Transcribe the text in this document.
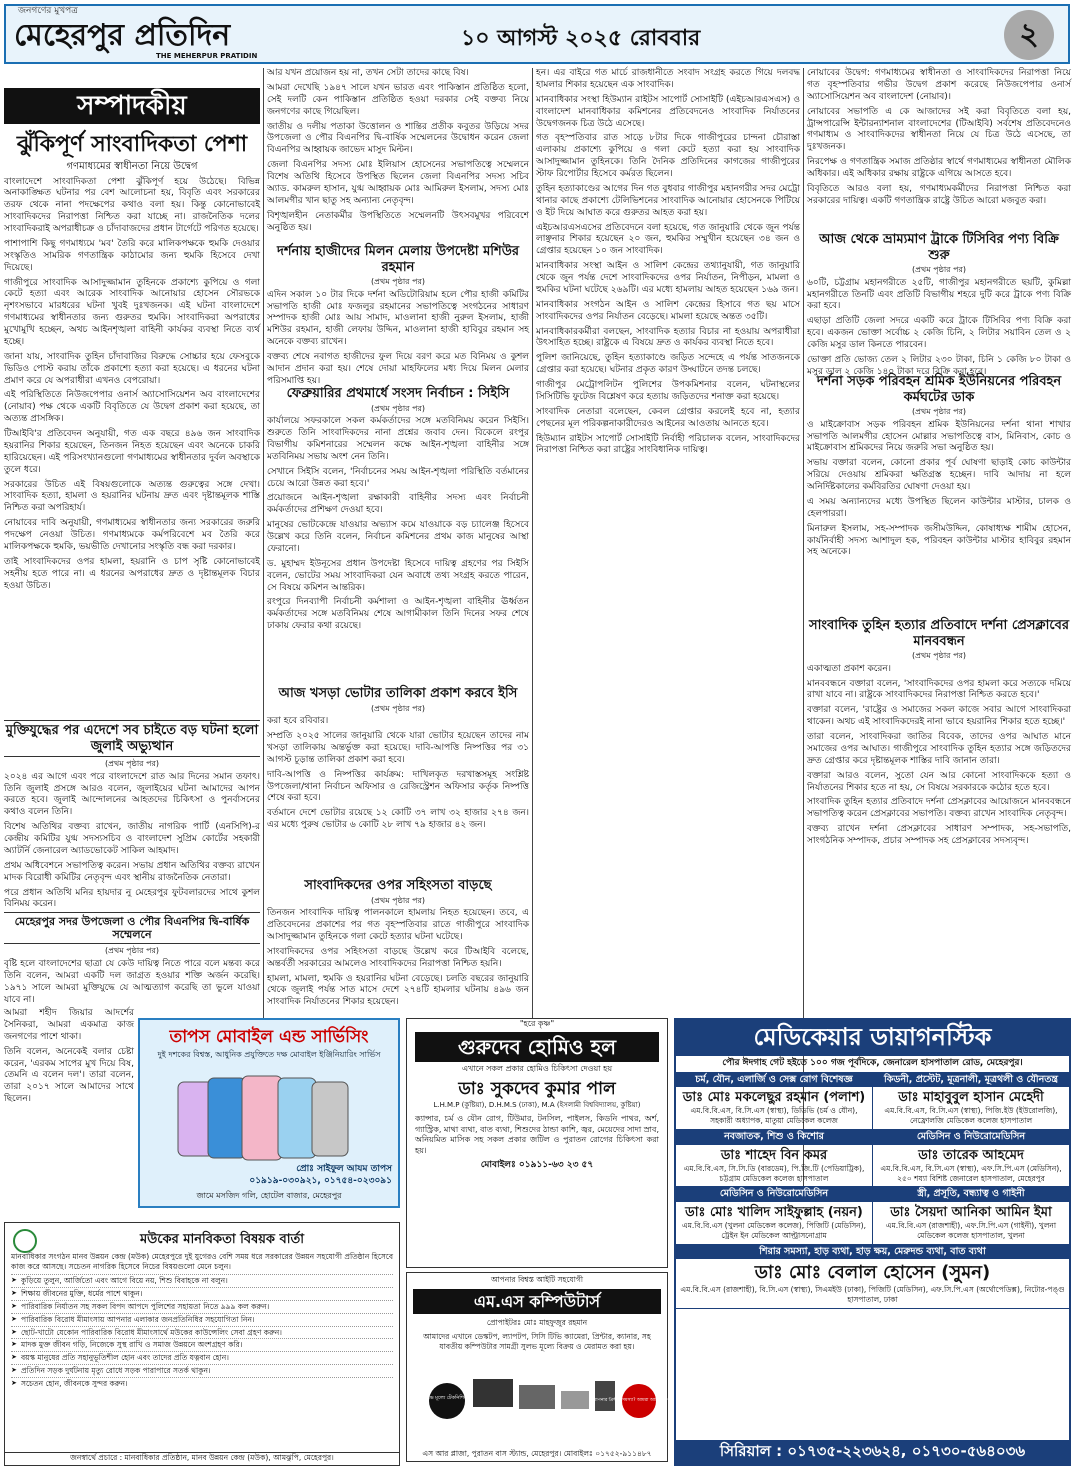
জনগণের মুখপত্র
মেহেরপুর প্রতিদিন
THE MEHERPUR PRATIDIN
১০ আগস্ট ২০২৫ রোববার	২
সম্পাদকীয়
ঝুঁকিপূর্ণ সাংবাদিকতা পেশা
গণমাধ্যমের স্বাধীনতা নিয়ে উদ্বেগ

বাংলাদেশে সাংবাদিকতা পেশা ঝুঁকিপূর্ণ হয়ে উঠেছে। বিভিন্ন অনাকাঙ্ক্ষিত ঘটনার পর বেশ আলোচনা হয়, বিবৃতি এবং সরকারের তরফ থেকে নানা পদক্ষেপের কথাও বলা হয়। কিন্তু কোনোভাবেই সাংবাদিকদের নিরাপত্তা নিশ্চিত করা যাচ্ছে না। রাজনৈতিক দলের সাংবাদিকরাই অপরাধীচক্র ও চাঁদাবাজদের প্রধান টার্গেটে পরিণত হয়েছে।

পাশাপাশি কিছু গণমাধ্যমে 'মব' তৈরি করে মালিকপক্ষকে হুমকি দেওয়ার সংস্কৃতিও সামরিক গণতান্ত্রিক কাঠামোর জন্য হুমকি হিসেবে দেখা দিয়েছে।

গাজীপুরে সাংবাদিক আসাদুজ্জামান তুহিনকে প্রকাশ্যে কুপিয়ে ও গলা কেটে হত্যা এবং আরেক সাংবাদিক আনোয়ার হোসেন সৌরভকে নৃশংসভাবে মারধরের ঘটনা খুবই দুঃখজনক। এই ঘটনা বাংলাদেশে গণমাধ্যমের স্বাধীনতার জন্য গুরুতর হুমকি। সাংবাদিকরা অপরাধের মুখোমুখি হচ্ছেন, অথচ আইনশৃঙ্খলা বাহিনী কার্যকর ব্যবস্থা নিতে ব্যর্থ হচ্ছে।

জানা যায়, সাংবাদিক তুহিন চাঁদাবাজির বিরুদ্ধে সোচ্চার হয়ে ফেসবুকে ভিডিও পোস্ট করায় তাঁকে প্রকাশ্যে হত্যা করা হয়েছে। এ ধরনের ঘটনা প্রমাণ করে যে অপরাধীরা এখনও বেপরোয়া।

এই পরিস্থিতিতে নিউজপেপার ওনার্স অ্যাসোসিয়েশন অব বাংলাদেশের (নোয়াব) পক্ষ থেকে একটি বিবৃতিতে যে উদ্বেগ প্রকাশ করা হয়েছে, তা অত্যন্ত প্রাসঙ্গিক।

টিআইবি'র প্রতিবেদন অনুযায়ী, গত এক বছরে ৪৯৬ জন সাংবাদিক হয়রানির শিকার হয়েছেন, তিনজন নিহত হয়েছেন এবং অনেকে চাকরি হারিয়েছেন। এই পরিসংখ্যানগুলো গণমাধ্যমের স্বাধীনতার দুর্বল অবস্থাকে তুলে ধরে।

সরকারের উচিত এই বিষয়গুলোকে অত্যন্ত গুরুত্বের সঙ্গে দেখা। সাংবাদিক হত্যা, হামলা ও হয়রানির ঘটনায় দ্রুত এবং দৃষ্টান্তমূলক শাস্তি নিশ্চিত করা অপরিহার্য।

নোয়াবের দাবি অনুযায়ী, গণমাধ্যমের স্বাধীনতার জন্য সরকারের জরুরি পদক্ষেপ নেওয়া উচিত। গণমাধ্যমকে কর্মপরিবেশে মব তৈরি করে মালিকপক্ষকে হুমকি, ভয়ভীতি দেখানোর সংস্কৃতি বন্ধ করা দরকার।

তাই সাংবাদিকদের ওপর হামলা, হয়রানি ও চাপ সৃষ্টি কোনোভাবেই সহনীয় হতে পারে না। এ ধরনের অপরাধের দ্রুত ও দৃষ্টান্তমূলক বিচার হওয়া উচিত।

মুক্তিযুদ্ধের পর এদেশে সব চাইতে বড় ঘটনা হলো জুলাই অভ্যুত্থান
(প্রথম পৃষ্ঠার পর)

২০২৪ এর আগে এবং পরে বাংলাদেশে রাত আর দিনের সমান তফাৎ। তিনি জুলাই প্রসঙ্গে আরও বলেন, জুলাইয়ের ঘটনা আমাদের আপন করতে হবে। জুলাই আন্দোলনের আহতদের চিকিৎসা ও পুনর্বাসনের কথাও বলেন তিনি।

বিশেষ অতিথির বক্তব্য রাখেন, জাতীয় নাগরিক পার্টি (এনসিপি)-র কেন্দ্রীয় কমিটির যুগ্ম সদস্যসচিব ও বাংলাদেশ সুপ্রিম কোর্টের সহকারী অ্যাটর্নি জেনারেল অ্যাডভোকেট সাকিল আহমাদ।

প্রথম অধিবেশনে সভাপতিত্ব করেন। সভায় প্রধান অতিথির বক্তব্য রাখেন মাদক বিরোধী কমিটির নেতৃবৃন্দ এবং স্থানীয় রাজনৈতিক নেতারা।

পরে প্রধান অতিথি মনির হায়দার নু মেহেরপুর ফুটবলারদের সাথে কুশল বিনিময় করেন।

মেহেরপুর সদর উপজেলা ও পৌর বিএনপির দ্বি-বার্ষিক সম্মেলনে
(প্রথম পৃষ্ঠার পর)

বৃষ্টি হলে বাংলাদেশের ছাত্রা যে কেউ দায়িত্ব নিতে পারে বলে মন্তব্য করে তিনি বলেন, আমরা একটি দল জাগ্রত হওয়ার শক্তি অর্জন করেছি। ১৯৭১ সালে আমরা মুক্তিযুদ্ধে যে আত্মত্যাগ করেছি তা ভুলে যাওয়া যাবে না।

আমরা শহীদ জিয়ার আদর্শের সৈনিকরা, আমরা একমাত্র কাজ জনগণের পাশে থাকা।

তিনি বলেন, অনেকেই বলার চেষ্টা করেন, 'এরকম সাপের মুখ দিয়ে বিষ, তেমনি এ বলেন দল'। তারা বলেন, তারা ২০১৭ সালে আমাদের সাথে ছিলেন।

আর যখন প্রয়োজন হয় না, তখন সেটা তাদের কাছে বিষ।

আমরা দেখেছি ১৯৪৭ সালে যখন ভারত এবং পাকিস্তান প্রতিষ্ঠিত হলো, সেই দলটি কেন পাকিস্তান প্রতিষ্ঠিত হওয়া দরকার সেই বক্তব্য নিয়ে জনগণের কাছে গিয়েছিল।

জাতীয় ও দলীয় পতাকা উত্তোলন ও শান্তির প্রতীক কবুতর উড়িয়ে সদর উপজেলা ও পৌর বিএনপির দ্বি-বার্ষিক সম্মেলনের উদ্বোধন করেন জেলা বিএনপির আহ্বায়ক জাভেদ মাসুদ মিল্টন।

জেলা বিএনপির সদস্য মোঃ ইলিয়াস হোসেনের সভাপতিত্বে সম্মেলনে বিশেষ অতিথি হিসেবে উপস্থিত ছিলেন জেলা বিএনপির সদস্য সচিব অ্যাড. কামরুল হাসান, যুগ্ম আহ্বায়ক মোঃ আমিরুল ইসলাম, সদস্য মোঃ আলমগীর খান ছাতু সহ অন্যান্য নেতৃবৃন্দ।

বিশৃঙ্খলহীন নেতাকর্মীর উপস্থিতিতে সম্মেলনটি উৎসবমুখর পরিবেশে অনুষ্ঠিত হয়।

দর্শনায় হাজীদের মিলন মেলায় উপদেষ্টা মশিউর রহমান
(প্রথম পৃষ্ঠার পর)

এদিন সকাল ১০ টার দিকে দর্শনা অডিটোরিয়াম হলে পৌর হাজী কমিটির সভাপতি হাজী মোঃ ফজলুর রহমানের সভাপতিত্বে সংগঠনের সাধারণ সম্পাদক হাজী মোঃ আয় সামাদ, মাওলানা হাজী নুরুল ইসলাম, হাজী মশিউর রহমান, হাজী লেফায় উদ্দিন, মাওলানা হাজী হাবিবুর রহমান সহ অনেকে বক্তব্য রাখেন।

বক্তব্য শেষে নবাগত হাজীদের ফুল দিয়ে বরণ করে মত বিনিময় ও কুশল আদান প্রদান করা হয়। শেষে দোয়া মাহফিলের মধ্য দিয়ে মিলন মেলার পরিসমাপ্তি হয়।

ফেব্রুয়ারির প্রথমার্ধে সংসদ নির্বাচন : সিইসি
(প্রথম পৃষ্ঠার পর)

কার্যালয়ে সফরকালে সকল কর্মকর্তাদের সঙ্গে মতবিনিময় করেন সিইসি। শুরুতে তিনি সাংবাদিকদের নানা প্রশ্নের জবাব দেন। বিকেলে রংপুর বিভাগীয় কমিশনারের সম্মেলন কক্ষে আইন-শৃঙ্খলা বাহিনীর সঙ্গে মতবিনিময় সভায় অংশ নেন তিনি।

সেখানে সিইসি বলেন, 'নির্বাচনের সময় আইন-শৃঙ্খলা পরিস্থিতি বর্তমানের চেয়ে আরো উন্নত করা হবে।'

প্রয়োজনে আইন-শৃঙ্খলা রক্ষাকারী বাহিনীর সদস্য এবং নির্বাচনী কর্মকর্তাদের প্রশিক্ষণ দেওয়া হবে।

মানুষের ভোটকেন্দ্রে যাওয়ার অভ্যাস কমে যাওয়াকে বড় চ্যালেঞ্জ হিসেবে উল্লেখ করে তিনি বলেন, নির্বাচন কমিশনের প্রথম কাজ মানুষের আস্থা ফেরানো।

ড. মুহাম্মদ ইউনূসের প্রধান উপদেষ্টা হিসেবে দায়িত্ব গ্রহণের পর সিইসি বলেন, ভোটের সময় সাংবাদিকরা যেন অবাধে তথ্য সংগ্রহ করতে পারেন, সে বিষয়ে কমিশন আন্তরিক।

রংপুরে দিনব্যাপী নির্বাচনী কর্মশালা ও আইন-শৃঙ্খলা বাহিনীর ঊর্ধ্বতন কর্মকর্তাদের সঙ্গে মতবিনিময় শেষে আগামীকাল তিনি দিনের সফর শেষে ঢাকায় ফেরার কথা রয়েছে।

আজ খসড়া ভোটার তালিকা প্রকাশ করবে ইসি
(প্রথম পৃষ্ঠার পর)

করা হবে রবিবার।

সম্প্রতি ২০২৫ সালের জানুয়ারি থেকে যারা ভোটার হয়েছেন তাদের নাম খসড়া তালিকায় অন্তর্ভুক্ত করা হয়েছে। দাবি-আপত্তি নিষ্পত্তির পর ৩১ আগস্ট চূড়ান্ত তালিকা প্রকাশ করা হবে।

দাবি-আপত্তি ও নিষ্পত্তির কার্যক্রম: দাখিলকৃত দরখাস্তসমূহ সংশ্লিষ্ট উপজেলা/থানা নির্বাচন অফিসার ও রেজিস্ট্রেশন অফিসার কর্তৃক নিষ্পত্তি শেষে করা হবে।

বর্তমানে দেশে ভোটার রয়েছে ১২ কোটি ৩৭ লাখ ৩২ হাজার ২৭৪ জন। এর মধ্যে পুরুষ ভোটার ৬ কোটি ২৮ লাখ ৭৯ হাজার ৪২ জন।

সাংবাদিকদের ওপর সহিংসতা বাড়ছে
(প্রথম পৃষ্ঠার পর)

তিনজন সাংবাদিক দায়িত্ব পালনকালে হামলায় নিহত হয়েছেন। তবে, এ প্রতিবেদনের প্রকাশের পর গত বৃহস্পতিবার রাতে গাজীপুরে সাংবাদিক আসাদুজ্জামান তুহিনকে গলা কেটে হত্যার ঘটনা ঘটেছে।

সাংবাদিকদের ওপর সহিংসতা বাড়ছে উল্লেখ করে টিআইবি বলেছে, অন্তর্বর্তী সরকারের আমলেও সাংবাদিকদের নিরাপত্তা নিশ্চিত হয়নি।

হামলা, মামলা, হুমকি ও হয়রানির ঘটনা বেড়েছে। চলতি বছরের জানুয়ারি থেকে জুলাই পর্যন্ত সাত মাসে দেশে ২৭৪টি হামলার ঘটনায় ৪৯৬ জন সাংবাদিক নির্যাতনের শিকার হয়েছেন।

হন। এর বাইরে গত মার্চে রাজধানীতে সংবাদ সংগ্রহ করতে গিয়ে দলবদ্ধ হামলার শিকার হয়েছেন এক সাংবাদিক।

মানবাধিকার সংস্থা হিউম্যান রাইটস সাপোর্ট সোসাইটি (এইচআরএসএস) ও বাংলাদেশ মানবাধিকার কমিশনের প্রতিবেদনেও সাংবাদিক নির্যাতনের উদ্বেগজনক চিত্র উঠে এসেছে।

গত বৃহস্পতিবার রাত সাড়ে ৮টার দিকে গাজীপুরের চান্দনা চৌরাস্তা এলাকায় প্রকাশ্যে কুপিয়ে ও গলা কেটে হত্যা করা হয় সাংবাদিক আসাদুজ্জামান তুহিনকে। তিনি দৈনিক প্রতিদিনের কাগজের গাজীপুরের স্টাফ রিপোর্টার হিসেবে কর্মরত ছিলেন।

তুহিন হত্যাকাণ্ডের আগের দিন গত বুধবার গাজীপুর মহানগরীর সদর মেট্রো থানার কাছে প্রকাশ্যে টেলিভিশনের সাংবাদিক আনোয়ার হোসেনকে পিটিয়ে ও ইট দিয়ে আঘাত করে গুরুতর আহত করা হয়।

এইচআরএসএসের প্রতিবেদনে বলা হয়েছে, গত জানুয়ারি থেকে জুন পর্যন্ত লাঞ্ছনার শিকার হয়েছেন ২০ জন, হুমকির সম্মুখীন হয়েছেন ৩৪ জন ও গ্রেপ্তার হয়েছেন ১০ জন সাংবাদিক।

মানবাধিকার সংস্থা আইন ও সালিশ কেন্দ্রের তথ্যানুযায়ী, গত জানুয়ারি থেকে জুন পর্যন্ত দেশে সাংবাদিকদের ওপর নির্যাতন, নিপীড়ন, মামলা ও হুমকির ঘটনা ঘটেছে ২৬৯টি। এর মধ্যে হামলায় আহত হয়েছেন ১৬৯ জন।

মানবাধিকার সংগঠন আইন ও সালিশ কেন্দ্রের হিসাবে গত ছয় মাসে সাংবাদিকদের ওপর নির্যাতন বেড়েছে। মামলা হয়েছে অন্তত ৩৫টি।

মানবাধিকারকর্মীরা বলছেন, সাংবাদিক হত্যার বিচার না হওয়ায় অপরাধীরা উৎসাহিত হচ্ছে। রাষ্ট্রকে এ বিষয়ে দ্রুত ও কার্যকর ব্যবস্থা নিতে হবে।

পুলিশ জানিয়েছে, তুহিন হত্যাকাণ্ডে জড়িত সন্দেহে এ পর্যন্ত সাতজনকে গ্রেপ্তার করা হয়েছে। ঘটনার প্রকৃত কারণ উদ্ঘাটনে তদন্ত চলছে।

গাজীপুর মেট্রোপলিটন পুলিশের উপকমিশনার বলেন, ঘটনাস্থলের সিসিটিভি ফুটেজ বিশ্লেষণ করে হত্যায় জড়িতদের শনাক্ত করা হয়েছে।

সাংবাদিক নেতারা বলেছেন, কেবল গ্রেপ্তার করলেই হবে না, হত্যার পেছনের মূল পরিকল্পনাকারীদেরও আইনের আওতায় আনতে হবে।

হিউম্যান রাইটস সাপোর্ট সোসাইটি নির্বাহী পরিচালক বলেন, সাংবাদিকদের নিরাপত্তা নিশ্চিত করা রাষ্ট্রের সাংবিধানিক দায়িত্ব।

নোয়াবের উদ্বেগ: গণমাধ্যমের স্বাধীনতা ও সাংবাদিকদের নিরাপত্তা নিয়ে গত বৃহস্পতিবার গভীর উদ্বেগ প্রকাশ করেছে নিউজপেপার ওনার্স অ্যাসোসিয়েশন অব বাংলাদেশ (নোয়াব)।

নোয়াবের সভাপতি এ কে আজাদের সই করা বিবৃতিতে বলা হয়, ট্রান্সপারেন্সি ইন্টারন্যাশনাল বাংলাদেশের (টিআইবি) সর্বশেষ প্রতিবেদনেও গণমাধ্যম ও সাংবাদিকদের স্বাধীনতা নিয়ে যে চিত্র উঠে এসেছে, তা দুঃখজনক।

নিরপেক্ষ ও গণতান্ত্রিক সমাজ প্রতিষ্ঠার স্বার্থে গণমাধ্যমের স্বাধীনতা মৌলিক অধিকার। এই অধিকার রক্ষায় রাষ্ট্রকে এগিয়ে আসতে হবে।

বিবৃতিতে আরও বলা হয়, গণমাধ্যমকর্মীদের নিরাপত্তা নিশ্চিত করা সরকারের দায়িত্ব। একটি গণতান্ত্রিক রাষ্ট্রে উচিত আরো মজবুত করা।

আজ থেকে ভ্রাম্যমাণ ট্রাকে টিসিবির পণ্য বিক্রি শুরু
(প্রথম পৃষ্ঠার পর)

৬০টি, চট্টগ্রাম মহানগরীতে ২৫টি, গাজীপুর মহানগরীতে ছয়টি, কুমিল্লা মহানগরীতে তিনটি এবং প্রতিটি বিভাগীয় শহরে দুটি করে ট্রাকে পণ্য বিক্রি করা হবে।

এছাড়া প্রতিটি জেলা সদরে একটি করে ট্রাকে টিসিবির পণ্য বিক্রি করা হবে। একজন ভোক্তা সর্বোচ্চ ২ কেজি চিনি, ২ লিটার সয়াবিন তেল ও ২ কেজি মসুর ডাল কিনতে পারবেন।

ভোক্তা প্রতি ভোজ্য তেল ২ লিটার ২৩০ টাকা, চিনি ১ কেজি ৮০ টাকা ও মসুর ডাল ২ কেজি ১৪০ টাকা দরে বিক্রি করা হবে।

দর্শনা সড়ক পরিবহন শ্রমিক ইউনিয়নের পরিবহন কর্মঘটের ডাক
(প্রথম পৃষ্ঠার পর)

ও মাইক্রোবাস সড়ক পরিবহন শ্রমিক ইউনিয়নের দর্শনা থানা শাখার সভাপতি আলমগীর হোসেন মোল্লার সভাপতিত্বে বাস, মিনিবাস, কোচ ও মাইক্রোবাস শ্রমিকদের নিয়ে জরুরি সভা অনুষ্ঠিত হয়।

সভায় বক্তারা বলেন, কোনো প্রকার পূর্ব ঘোষণা ছাড়াই কোচ কাউন্টার সরিয়ে দেওয়ায় শ্রমিকরা ক্ষতিগ্রস্ত হচ্ছেন। দাবি আদায় না হলে অনির্দিষ্টকালের কর্মবিরতির ঘোষণা দেওয়া হয়।

এ সময় অন্যান্যদের মধ্যে উপস্থিত ছিলেন কাউন্টার মাস্টার, চালক ও হেলপাররা।

মিনারুল ইসলাম, সহ-সম্পাদক জসীমউদ্দিন, কোষাধ্যক্ষ শামীম হোসেন, কার্যনির্বাহী সদস্য আশাদুল হক, পরিবহন কাউন্টার মাস্টার হাবিবুর রহমান সহ অনেকে।

সাংবাদিক তুহিন হত্যার প্রতিবাদে দর্শনা প্রেসক্লাবের মানববন্ধন
(প্রথম পৃষ্ঠার পর)

একাত্মতা প্রকাশ করেন।

মানববন্ধনে বক্তারা বলেন, 'সাংবাদিকদের ওপর হামলা করে সত্যকে দমিয়ে রাখা যাবে না। রাষ্ট্রকে সাংবাদিকদের নিরাপত্তা নিশ্চিত করতে হবে।'

বক্তারা বলেন, 'রাষ্ট্রের ও সমাজের সকল কাজে সবার আগে সাংবাদিকরা থাকেন। অথচ এই সাংবাদিকদেরই নানা ভাবে হয়রানির শিকার হতে হচ্ছে।'

তারা বলেন, সাংবাদিকরা জাতির বিবেক, তাদের ওপর আঘাত মানে সমাজের ওপর আঘাত। গাজীপুরে সাংবাদিক তুহিন হত্যার সঙ্গে জড়িতদের দ্রুত গ্রেপ্তার করে দৃষ্টান্তমূলক শাস্তির দাবি জানান তারা।

বক্তারা আরও বলেন, সুতো যেন আর কোনো সাংবাদিককে হত্যা ও নির্যাতনের শিকার হতে না হয়, সে বিষয়ে সরকারকে কঠোর হতে হবে।

সাংবাদিক তুহিন হত্যার প্রতিবাদে দর্শনা প্রেসক্লাবের আয়োজনে মানববন্ধনে সভাপতিত্ব করেন প্রেসক্লাবের সভাপতি। বক্তব্য রাখেন সাংবাদিক নেতৃবৃন্দ।

বক্তব্য রাখেন দর্শনা প্রেসক্লাবের সাধারণ সম্পাদক, সহ-সভাপতি, সাংগঠনিক সম্পাদক, প্রচার সম্পাদক সহ প্রেসক্লাবের সদস্যবৃন্দ।

তাপস মোবাইল এন্ড সার্ভিসিং
দুই দশকের বিশ্বস্ত, আধুনিক প্রযুক্তিতে দক্ষ মোবাইল ইঞ্জিনিয়ারিং সার্ভিস
প্রোঃ সাইফুল আযম তাপস
০১৯১৯-০৩০৯২১, ০১৭৫৪-০২৩০৯১
জামে মসজিদ গলি, হোটেল বাজার, মেহেরপুর
"হরে কৃষ্ণ"
গুরুদেব হোমিও হল
এখানে সকল প্রকার হোমিও চিকিৎসা দেওয়া হয়
ডাঃ সুকদেব কুমার পাল
L.H.M.P (কুষ্টিয়া), D.H.M.S (ঢাকা), M.A (ইসলামী বিশ্ববিদ্যালয়, কুষ্টিয়া)
ক্যান্সার, চর্ম ও যৌন রোগ, টিউমার, টনসিল, পাইলস, কিডনি পাথর, অর্শ, গ্যাস্ট্রিক, মাথা ব্যথা, বাত ব্যথা, শিশুদের ঠান্ডা কাশি, জ্বর, মেয়েদের সাদা স্রাব, অনিয়মিত মাসিক সহ সকল প্রকার জটিল ও পুরাতন রোগের চিকিৎসা করা হয়।
মোবাইলঃ ০১৯১১-৬৩ ২৩ ৫৭
আপনার বিশ্বস্ত আইটি সহযোগী
এম.এস কম্পিউটার্স
প্রোপাইটরঃ মোঃ মাহফুজুর রহমান
আমাদের এখানে ডেস্কটপ, ল্যাপটপ, সিসি টিভি ক্যামেরা, প্রিন্টার, ক্যানার, সহ যাবতীয় কম্পিউটার সামগ্রী সুলভ মূল্যে বিক্রয় ও মেরামত করা হয়।
সুলভ মূল্যে টেকনিশিয়ান	আপনার প্রিন্টার সমস্যা? আমরা আছি আপনার পাশে
এস আর প্লাজা, পুরাতন বাস স্ট্যান্ড, মেহেরপুর। মোবাইলঃ ০১৭৫২-৯১১৪৮৭
মউকের মানবিকতা বিষয়ক বার্তা
মানবাধিকার সংগঠন মানব উন্নয়ন কেন্দ্র (মউক) মেহেরপুরে দুই যুগেরও বেশি সময় ধরে সরকারের উন্নয়ন সহযোগী প্রতিষ্ঠান হিসেবে কাজ করে আসছে। সচেতন নাগরিক হিসেবে নিচের বিষয়গুলো মেনে চলুন।
➤ কুড়িয়ে তুলুন, আর্জিতো এবং আগে বিয়ে নয়, শিশু বিবাহকে না বলুন।
➤ শিক্ষায় জীবনের মুক্তি, ধর্মের পাশে থাকুন।
➤ পারিবারিক নির্যাতন সহ সকল বিপদ আপদে পুলিশের সহায়তা নিতে ৯৯৯ কল করুন।
➤ পারিবারিক বিরোধ মীমাংসায় আপনার এলাকার জনপ্রতিনিধির সহযোগিতা নিন।
➤ ছোট-খাটো যেকোন পারিবারিক বিরোধ মীমাংসার্থে মউকের কাউন্সেলিং সেবা গ্রহণ করুন।
➤ মাদক মুক্ত জীবন গড়ি, নিজেকে সুস্থ রাখি ও সমাজ উন্নয়নে অংশগ্রহণ করি।
➤ বয়স্ক মানুষের প্রতি সহানুভূতিশীল হোন এবং তাদের প্রতি যত্নবান হোন।
➤ প্রতিদিন সড়ক দুর্ঘটনায় মৃত্যু রোধে সড়ক পারাপারে সতর্ক থাকুন।
➤ সচেতন হোন, জীবনকে সুন্দর করুন।
জনস্বার্থে প্রচারে : মানবাধিকার প্রতিষ্ঠান, মানব উন্নয়ন কেন্দ্র (মউক), আমঝুপি, মেহেরপুর।
মেডিকেয়ার ডায়াগনস্টিক
পৌর ঈদগাহ গেট হইতে ১০০ গজ পূর্বদিকে, জেনারেল হাসপাতাল রোড, মেহেরপুর।
চর্ম, যৌন, এলার্জি ও সেক্স রোগ বিশেষজ্ঞ
ডাঃ মোঃ মকলেছুর রহমান (পলাশ)
এম.বি.বি.এস, বি.সি.এস (স্বাস্থ্য), ডিডিভি (চর্ম ও যৌন), সহকারী অধ্যাপক, মাতুয়া মেডিকেল কলেজ
কিডনী, প্রস্টেট, মূত্রনালী, মূত্রথলী ও যৌনতন্ত্র
ডাঃ মাহাবুবুল হাসান মেহেদী
এম.বি.বি.এস, বি.সি.এস (স্বাস্থ্য), পিজি.ইউ (ইউরোলজি), নেফ্রোলজি মেডিকেল কলেজ হাসপাতাল
নবজাতক, শিশু ও কিশোর
ডাঃ শাহেদ বিন কমর
এম.বি.বি.এস, সি.সি.ডি (বারডেম), পি.জি.টি (পেডিয়াট্রিক), চট্টগ্রাম মেডিকেল কলেজ হাসপাতাল
মেডিসিন ও নিউরোমেডিসিন
ডাঃ তারেক আহমেদ
এম.বি.বি.এস, বি.সি.এস (স্বাস্থ্য), এফ.সি.পি.এস (মেডিসিন), ২৫০ শয্যা বিশিষ্ট জেনারেল হাসপাতাল, মেহেরপুর
মেডিসিন ও নিউরোমেডিসিন
ডাঃ মোঃ খালিদ সাইফুল্লাহ (নয়ন)
এম.বি.বি.এস (খুলনা মেডিকেল কলেজ), পিজিটি (মেডিসিন), ট্রেইন ইন মেডিকেল আল্ট্রাসনোগ্রাম
স্ত্রী, প্রসূতি, বন্ধ্যাত্ব ও গাইনী
ডাঃ সৈয়দা আনিকা আমিন ইমা
এম.বি.বি.এস (রাজশাহী), এফ.সি.পি.এস (গাইনী), খুলনা মেডিকেল কলেজ হাসপাতাল, খুলনা
শিরার সমস্যা, হাড় ব্যথা, হাড় ক্ষয়, মেরুদন্ড ব্যথা, বাত ব্যথা
ডাঃ মোঃ বেলাল হোসেন (সুমন)
এম.বি.বি.এস (রাজশাহী), বি.সি.এস (স্বাস্থ্য), সিএমইউ (ঢাকা), পিজিটি (মেডিসিন), এফ.সি.পি.এস (অর্থোপেডিক্স), নিটোর-পঙ্গু হাসপাতাল, ঢাকা
সিরিয়াল : ০১৭৩৫-২২৩৬২৪, ০১৭৩০-৫৬৪০৩৬
